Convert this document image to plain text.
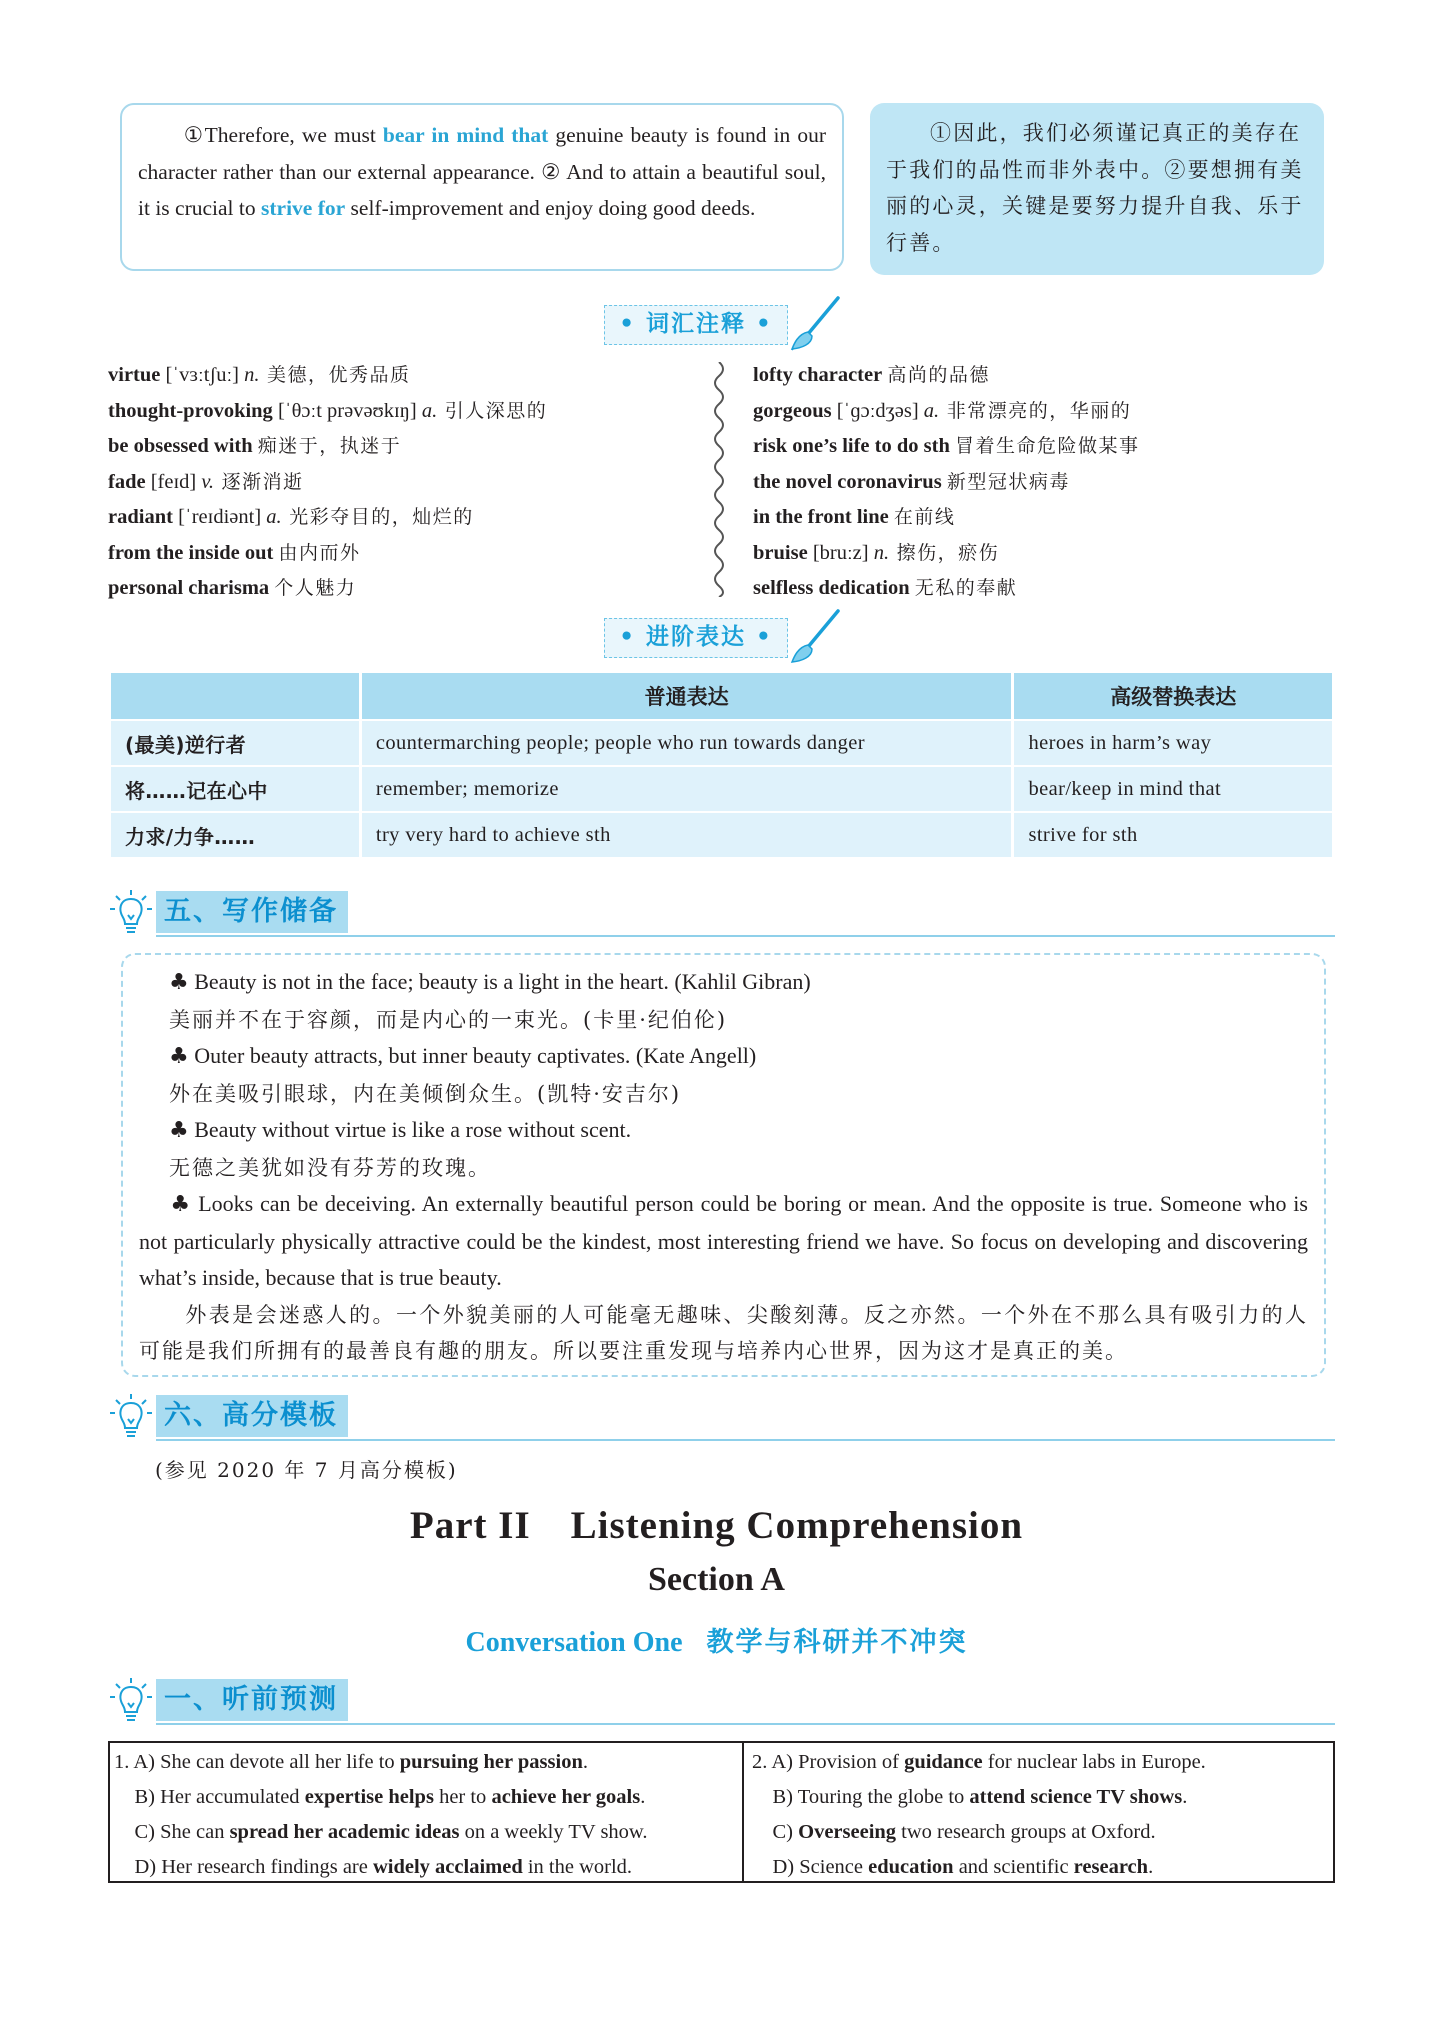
①Therefore, we must bear in mind that genuine beauty is found in our character rather than our external appearance. ② And to attain a beautiful soul, it is crucial to strive for self-improvement and enjoy doing good deeds.
①因此，我们必须谨记真正的美存在于我们的品性而非外表中。②要想拥有美丽的心灵，关键是要努力提升自我、乐于行善。
• 词汇注释 •
virtue [ˈvɜːtʃuː] n. 美德，优秀品质
thought-provoking [ˈθɔːt prəvəʊkɪŋ] a. 引人深思的
be obsessed with 痴迷于，执迷于
fade [feɪd] v. 逐渐消逝
radiant [ˈreɪdiənt] a. 光彩夺目的，灿烂的
from the inside out 由内而外
personal charisma 个人魅力
lofty character 高尚的品德
gorgeous [ˈɡɔːdʒəs] a. 非常漂亮的，华丽的
risk one’s life to do sth 冒着生命危险做某事
the novel coronavirus 新型冠状病毒
in the front line 在前线
bruise [bruːz] n. 擦伤，瘀伤
selfless dedication 无私的奉献
• 进阶表达 •
	普通表达	高级替换表达
(最美)逆行者	countermarching people; people who run towards danger	heroes in harm’s way
将……记在心中	remember; memorize	bear/keep in mind that
力求/力争……	try very hard to achieve sth	strive for sth
五、写作储备
♣ Beauty is not in the face; beauty is a light in the heart. (Kahlil Gibran)
美丽并不在于容颜，而是内心的一束光。(卡里·纪伯伦)
♣ Outer beauty attracts, but inner beauty captivates. (Kate Angell)
外在美吸引眼球，内在美倾倒众生。(凯特·安吉尔)
♣ Beauty without virtue is like a rose without scent.
无德之美犹如没有芬芳的玫瑰。
♣ Looks can be deceiving. An externally beautiful person could be boring or mean. And the opposite is true. Someone who is not particularly physically attractive could be the kindest, most interesting friend we have. So focus on developing and discovering what’s inside, because that is true beauty.
外表是会迷惑人的。一个外貌美丽的人可能毫无趣味、尖酸刻薄。反之亦然。一个外在不那么具有吸引力的人可能是我们所拥有的最善良有趣的朋友。所以要注重发现与培养内心世界，因为这才是真正的美。
六、高分模板
(参见 2020 年 7 月高分模板)
Part II　Listening Comprehension
Section A
Conversation One 教学与科研并不冲突
一、听前预测
1. A) She can devote all her life to pursuing her passion.
B) Her accumulated expertise helps her to achieve her goals.
C) She can spread her academic ideas on a weekly TV show.
D) Her research findings are widely acclaimed in the world.
2. A) Provision of guidance for nuclear labs in Europe.
B) Touring the globe to attend science TV shows.
C) Overseeing two research groups at Oxford.
D) Science education and scientific research.
